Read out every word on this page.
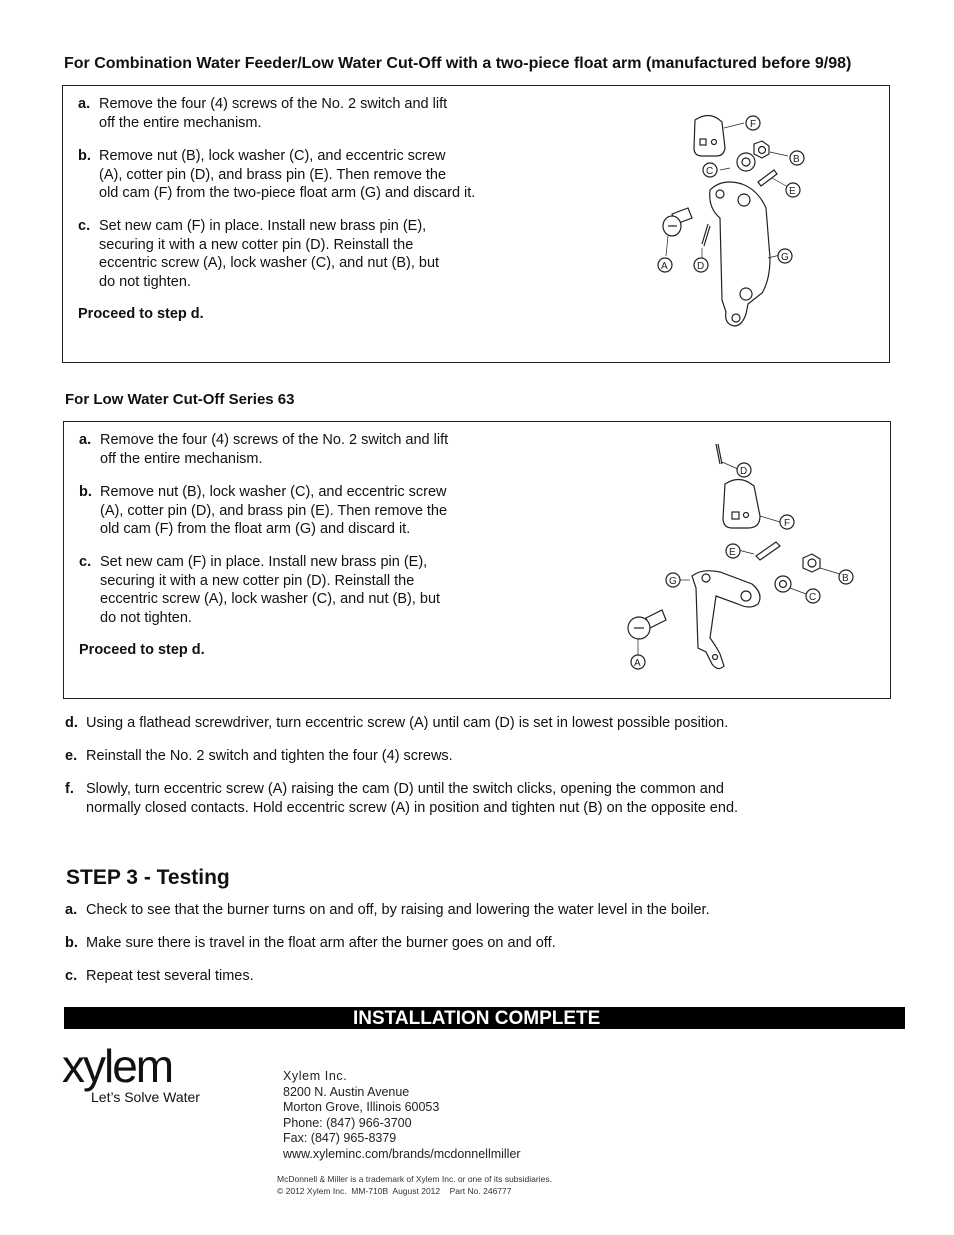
For Combination Water Feeder/Low Water Cut-Off with a two-piece float arm (manufactured before 9/98)
a. Remove the four (4) screws of the No. 2 switch and lift
off the entire mechanism.
b. Remove nut (B), lock washer (C), and eccentric screw
(A), cotter pin (D), and brass pin (E). Then remove the
old cam (F) from the two-piece float arm (G) and discard it.
c. Set new cam (F) in place. Install new brass pin (E),
securing it with a new cotter pin (D). Reinstall the
eccentric screw (A), lock washer (C), and nut (B), but
do not tighten.
Proceed to step d.
F
B
C
E
G
A	D
For Low Water Cut-Off Series 63
a. Remove the four (4) screws of the No. 2 switch and lift
off the entire mechanism.
b. Remove nut (B), lock washer (C), and eccentric screw
(A), cotter pin (D), and brass pin (E). Then remove the
old cam (F) from the float arm (G) and discard it.
c. Set new cam (F) in place. Install new brass pin (E),
securing it with a new cotter pin (D). Reinstall the
eccentric screw (A), lock washer (C), and nut (B), but
do not tighten.
Proceed to step d.
D
F
E
B
C
G
A
d. Using a flathead screwdriver, turn eccentric screw (A) until cam (D) is set in lowest possible position.
e. Reinstall the No. 2 switch and tighten the four (4) screws.
f. Slowly, turn eccentric screw (A) raising the cam (D) until the switch clicks, opening the common and
normally closed contacts. Hold eccentric screw (A) in position and tighten nut (B) on the opposite end.
STEP 3 - Testing
a. Check to see that the burner turns on and off, by raising and lowering the water level in the boiler.
b. Make sure there is travel in the float arm after the burner goes on and off.
c. Repeat test several times.
INSTALLATION COMPLETE
xylem
Let’s Solve Water
Xylem Inc.
8200 N. Austin Avenue
Morton Grove, Illinois 60053
Phone: (847) 966-3700
Fax: (847) 965-8379
www.xyleminc.com/brands/mcdonnellmiller
McDonnell & Miller is a trademark of Xylem Inc. or one of its subsidiaries.
© 2012 Xylem Inc.  MM-710B  August 2012    Part No. 246777
